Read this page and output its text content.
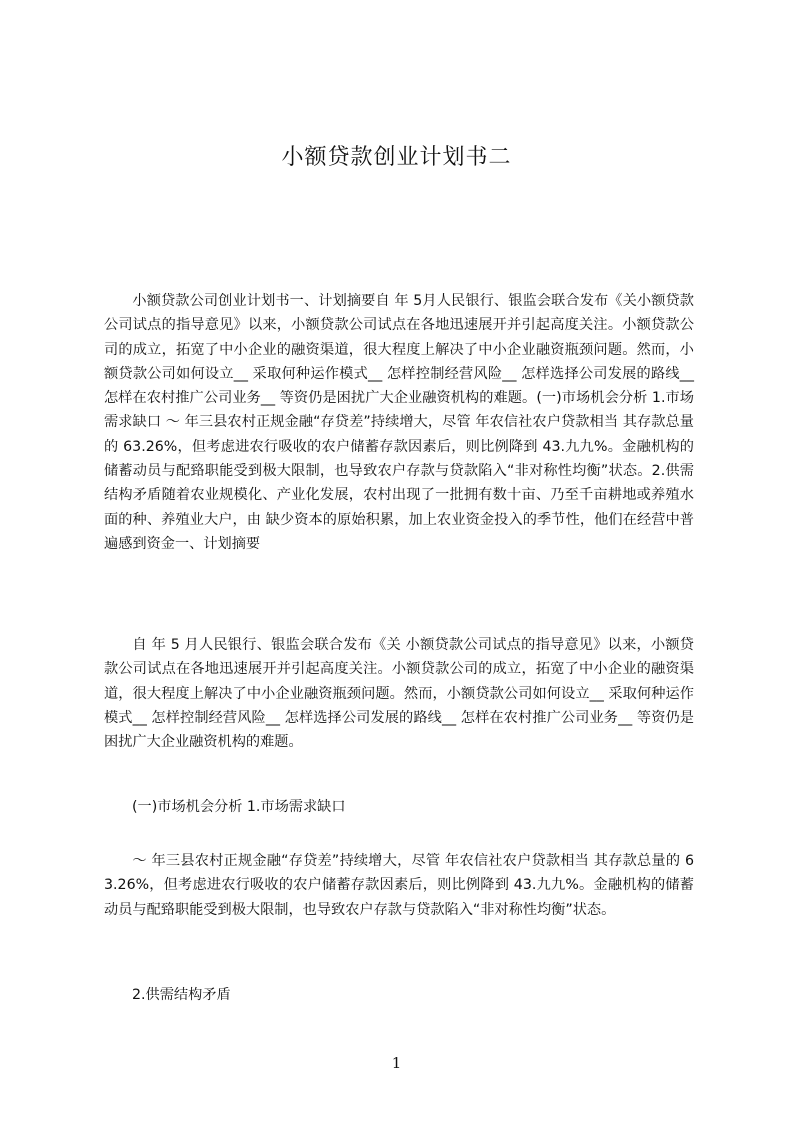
小额贷款创业计划书二
小额贷款公司创业计划书一、计划摘要自 年 5月人民银行、银监会联合发布《关小额贷款公司试点的指导意见》以来，小额贷款公司试点在各地迅速展开并引起高度关注。小额贷款公司的成立，拓宽了中小企业的融资渠道，很大程度上解决了中小企业融资瓶颈问题。然而，小额贷款公司如何设立__ 采取何种运作模式__ 怎样控制经营风险__ 怎样选择公司发展的路线__ 怎样在农村推广公司业务__ 等资仍是困扰广大企业融资机构的难题。(一)市场机会分析 1.市场需求缺口 ～ 年三县农村正规金融“存贷差”持续增大，尽管 年农信社农户贷款相当 其存款总量的 63.26%，但考虑进农行吸收的农户储蓄存款因素后，则比例降到 43.九九%。金融机构的储蓄动员与配臵职能受到极大限制，也导致农户存款与贷款陷入“非对称性均衡”状态。2.供需结构矛盾随着农业规模化、产业化发展，农村出现了一批拥有数十亩、乃至千亩耕地或养殖水面的种、养殖业大户，由 缺少资本的原始积累，加上农业资金投入的季节性，他们在经营中普遍感到资金一、计划摘要
自 年 5 月人民银行、银监会联合发布《关 小额贷款公司试点的指导意见》以来，小额贷款公司试点在各地迅速展开并引起高度关注。小额贷款公司的成立，拓宽了中小企业的融资渠道，很大程度上解决了中小企业融资瓶颈问题。然而，小额贷款公司如何设立__ 采取何种运作模式__ 怎样控制经营风险__ 怎样选择公司发展的路线__ 怎样在农村推广公司业务__ 等资仍是困扰广大企业融资机构的难题。
(一)市场机会分析 1.市场需求缺口
～ 年三县农村正规金融“存贷差”持续增大，尽管 年农信社农户贷款相当 其存款总量的 63.26%，但考虑进农行吸收的农户储蓄存款因素后，则比例降到 43.九九%。金融机构的储蓄动员与配臵职能受到极大限制，也导致农户存款与贷款陷入“非对称性均衡”状态。
2.供需结构矛盾
1
